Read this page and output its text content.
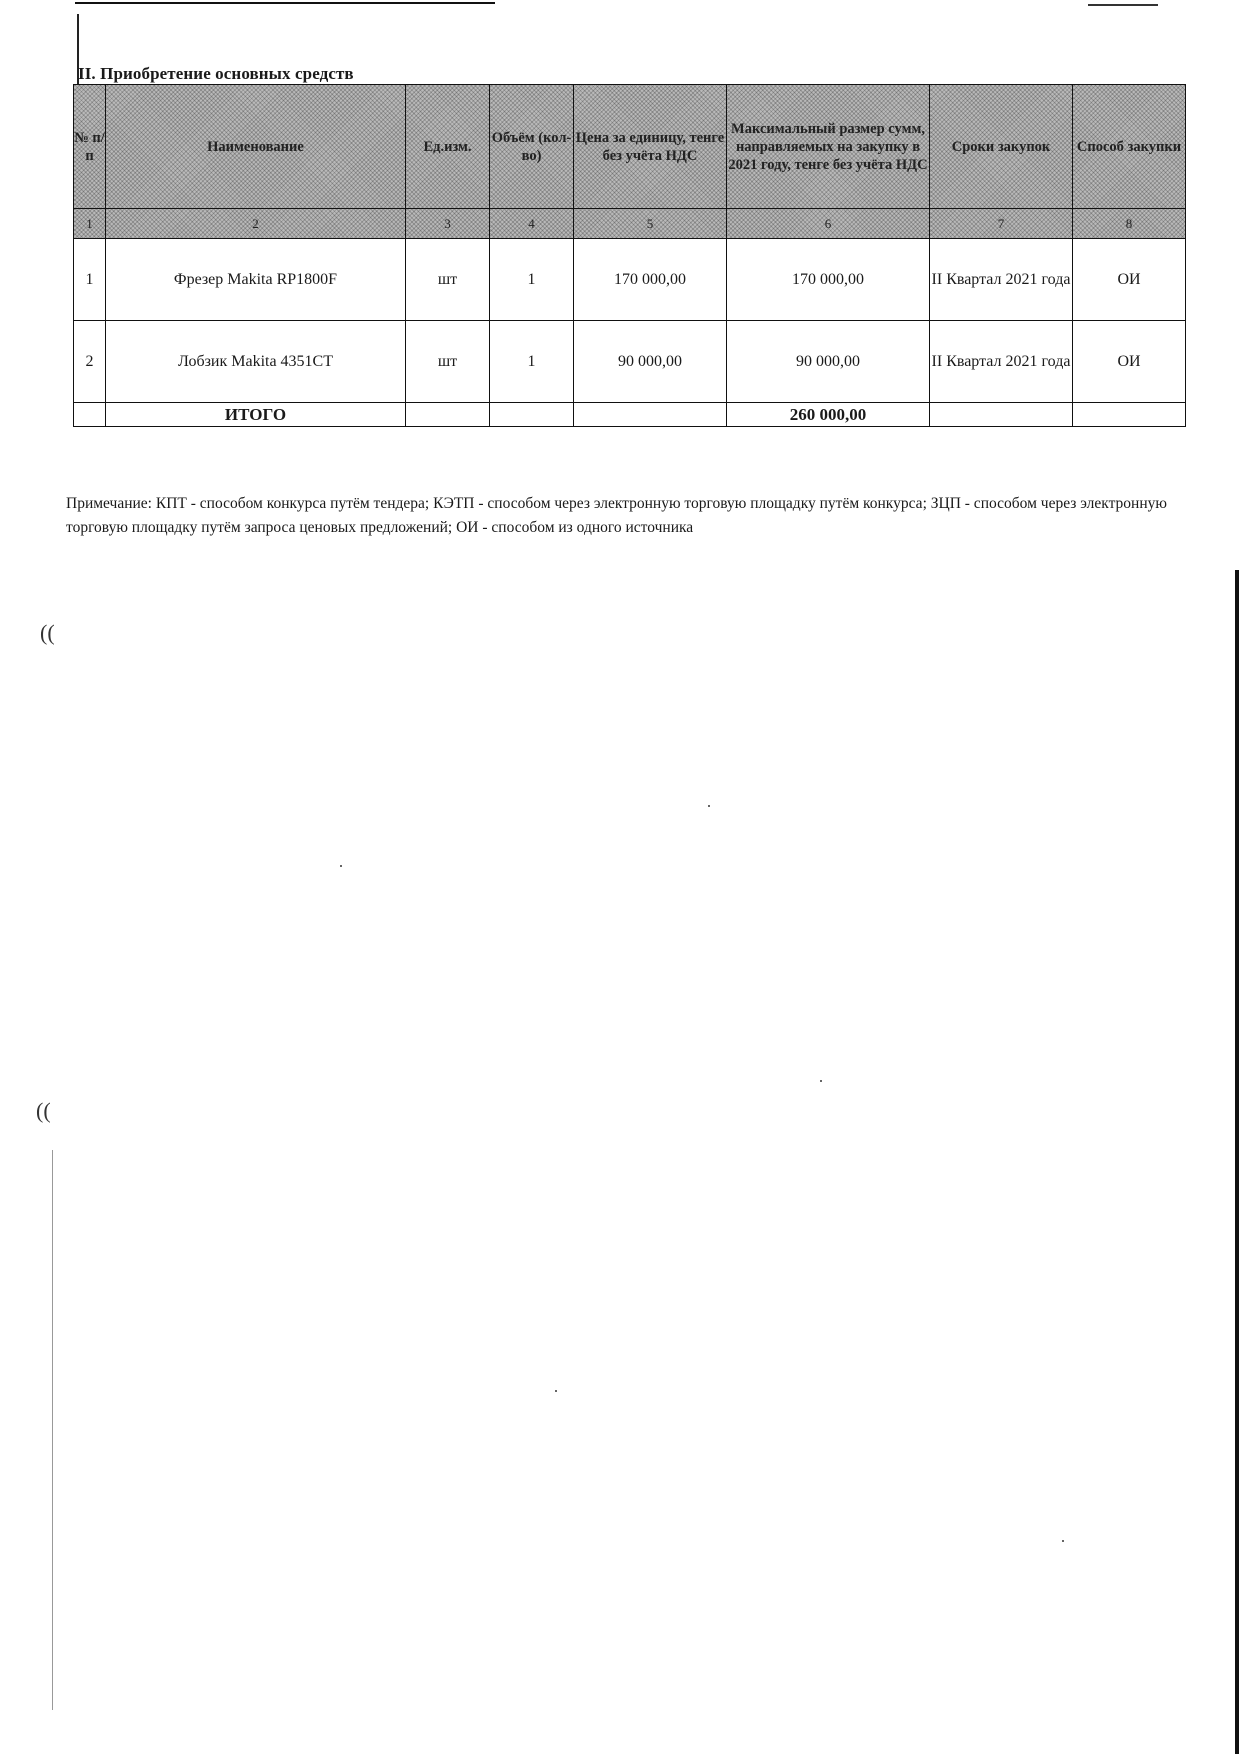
II. Приобретение основных средств
№ п/п	Наименование	Ед.изм.	Объём (кол-во)	Цена за единицу, тенге без учёта НДС	Максимальный размер сумм, направляемых на закупку в 2021 году, тенге без учёта НДС	Сроки закупок	Способ закупки
1	2	3	4	5	6	7	8
1	Фрезер Makita RP1800F	шт	1	170 000,00	170 000,00	II Квартал 2021 года	ОИ
2	Лобзик Makita 4351CT	шт	1	90 000,00	90 000,00	II Квартал 2021 года	ОИ
	ИТОГО				260 000,00		
Примечание: КПТ - способом конкурса путём тендера; КЭТП - способом через электронную торговую площадку путём конкурса; ЗЦП - способом через электронную торговую площадку путём запроса ценовых предложений; ОИ - способом из одного источника
((
((
